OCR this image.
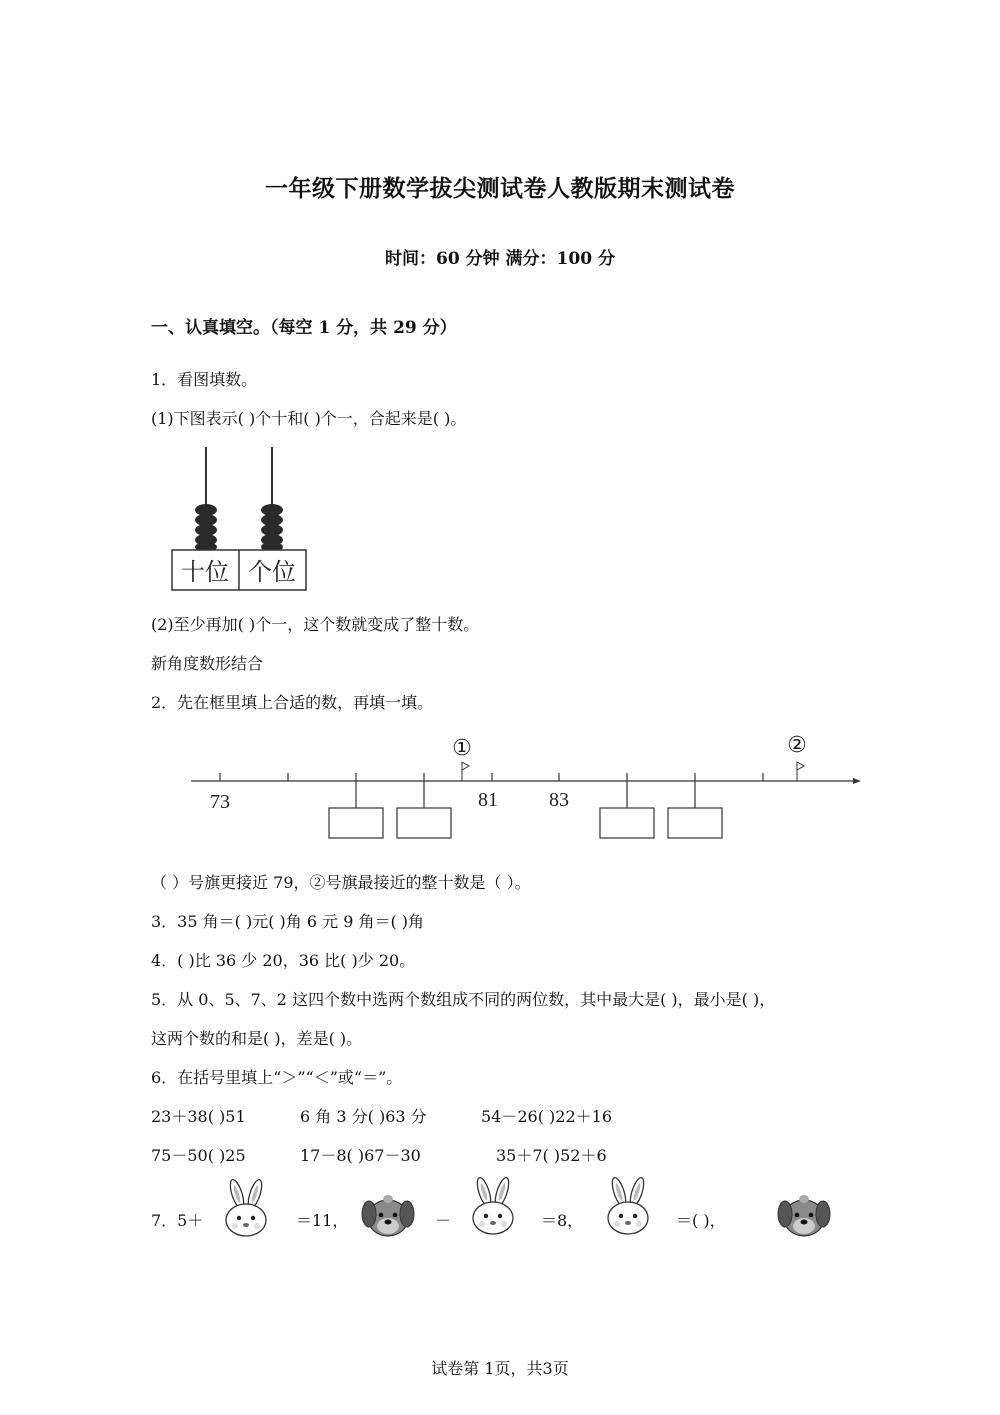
一年级下册数学拔尖测试卷人教版期末测试卷
时间：60 分钟 满分：100 分
一、认真填空。（每空 1 分，共 29 分）
1．看图填数。
(1)下图表示( )个十和( )个一，合起来是( )。
十位 个位
(2)至少再加( )个一，这个数就变成了整十数。
新角度数形结合
2．先在框里填上合适的数，再填一填。
73	81	83
①	②
（ ）号旗更接近 79，②号旗最接近的整十数是（ ）。
3．35 角＝( )元( )角 6 元 9 角＝( )角
4．( )比 36 少 20，36 比( )少 20。
5．从 0、5、7、2 这四个数中选两个数组成不同的两位数，其中最大是( )，最小是( )，
这两个数的和是( )，差是( )。
6．在括号里填上“＞”“＜”或“＝”。
23＋38( )51	6 角 3 分( )63 分	54－26( )22＋16
75－50( )25	17－8( )67－30	35＋7( )52＋6
7．5＋	＝11，	－	＝8，	＝( )，
试卷第 1页，共3页
